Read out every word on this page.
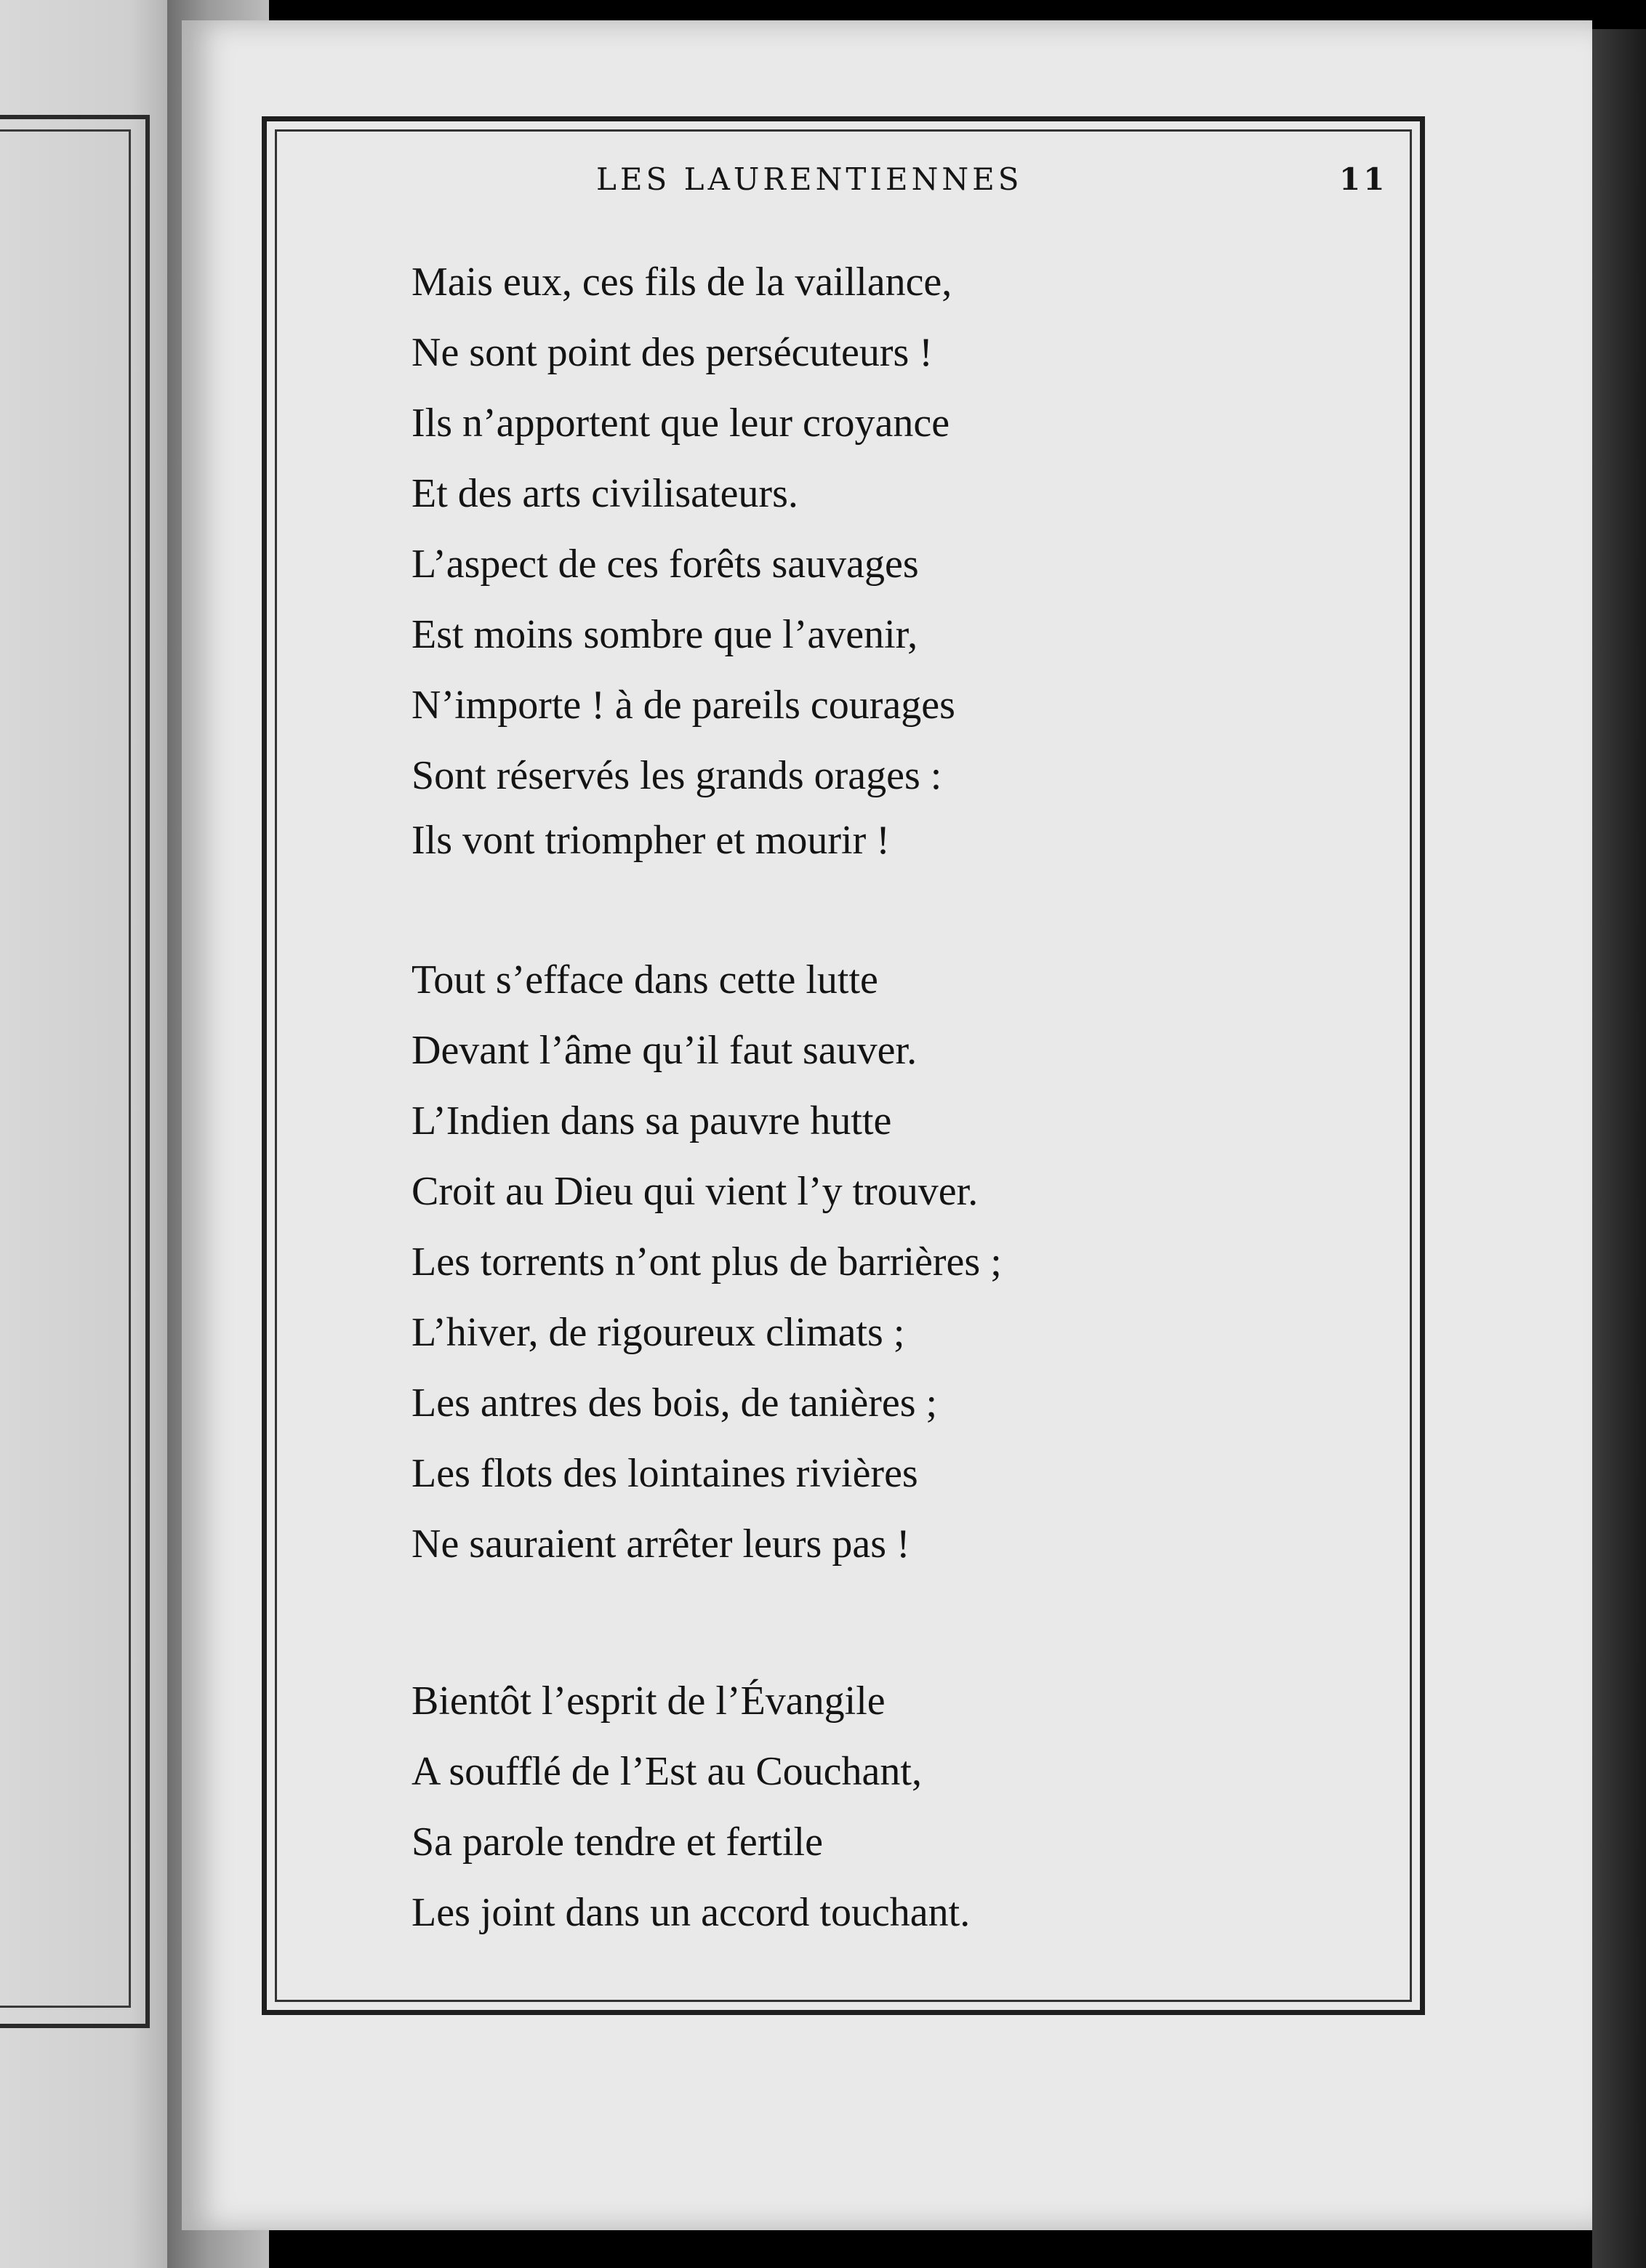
LES LAURENTIENNES	11
Mais eux, ces fils de la vaillance,
Ne sont point des persécuteurs !
Ils n’apportent que leur croyance
Et des arts civilisateurs.
L’aspect de ces forêts sauvages
Est moins sombre que l’avenir,
N’importe ! à de pareils courages
Sont réservés les grands orages :
Ils vont triompher et mourir !
Tout s’efface dans cette lutte
Devant l’âme qu’il faut sauver.
L’Indien dans sa pauvre hutte
Croit au Dieu qui vient l’y trouver.
Les torrents n’ont plus de barrières ;
L’hiver, de rigoureux climats ;
Les antres des bois, de tanières ;
Les flots des lointaines rivières
Ne sauraient arrêter leurs pas !
Bientôt l’esprit de l’Évangile
A soufflé de l’Est au Couchant,
Sa parole tendre et fertile
Les joint dans un accord touchant.
